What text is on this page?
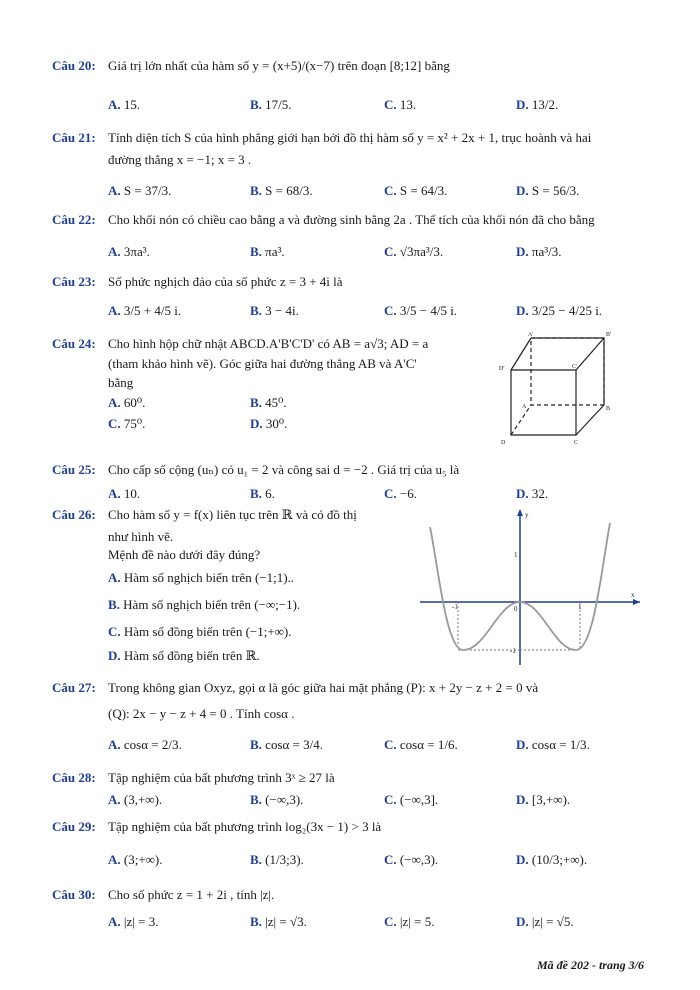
Câu 20: Giá trị lớn nhất của hàm số y = (x+5)/(x−7) trên đoạn [8;12] bằng
A. 15.	B. 17/5.	C. 13.	D. 13/2.
Câu 21: Tính diện tích S của hình phẳng giới hạn bởi đồ thị hàm số y = x² + 2x + 1, trục hoành và hai
đường thẳng x = −1; x = 3 .
A. S = 37/3.	B. S = 68/3.	C. S = 64/3.	D. S = 56/3.
Câu 22: Cho khối nón có chiều cao bằng a và đường sinh bằng 2a . Thể tích của khối nón đã cho bằng
A. 3πa³.	B. πa³.	C. √3πa³/3.	D. πa³/3.
Câu 23: Số phức nghịch đảo của số phức z = 3 + 4i là
A. 3/5 + 4/5 i.	B. 3 − 4i.	C. 3/5 − 4/5 i.	D. 3/25 − 4/25 i.
Câu 24: Cho hình hộp chữ nhật ABCD.A'B'C'D' có AB = a√3; AD = a
(tham khảo hình vẽ). Góc giữa hai đường thẳng AB và A'C'
bằng
A. 60⁰.	B. 45⁰.
C. 75⁰.	D. 30⁰.
A'	B'
C'
D'
A	B
C
D
Câu 25: Cho cấp số cộng (uₙ) có u₁ = 2 và công sai d = −2 . Giá trị của u₅ là
A. 10.	B. 6.	C. −6.	D. 32.
Câu 26: Cho hàm số y = f(x) liên tục trên ℝ và có đồ thị
như hình vẽ.
Mệnh đề nào dưới đây đúng?
A. Hàm số nghịch biến trên (−1;1)..
B. Hàm số nghịch biến trên (−∞;−1).
C. Hàm số đồng biến trên (−1;+∞).
D. Hàm số đồng biến trên ℝ.
y
x
1
-1
-1	0	1
Câu 27: Trong không gian Oxyz, gọi α là góc giữa hai mặt phẳng (P): x + 2y − z + 2 = 0 và
(Q): 2x − y − z + 4 = 0 . Tính cosα .
A. cosα = 2/3.	B. cosα = 3/4.	C. cosα = 1/6.	D. cosα = 1/3.
Câu 28: Tập nghiệm của bất phương trình 3ˣ ≥ 27 là
A. (3,+∞).	B. (−∞,3).	C. (−∞,3].	D. [3,+∞).
Câu 29: Tập nghiệm của bất phương trình log₂(3x − 1) > 3 là
A. (3;+∞).	B. (1/3;3).	C. (−∞,3).	D. (10/3;+∞).
Câu 30: Cho số phức z = 1 + 2i , tính |z|.
A. |z| = 3.	B. |z| = √3.	C. |z| = 5.	D. |z| = √5.
Mã đề 202 - trang 3/6
